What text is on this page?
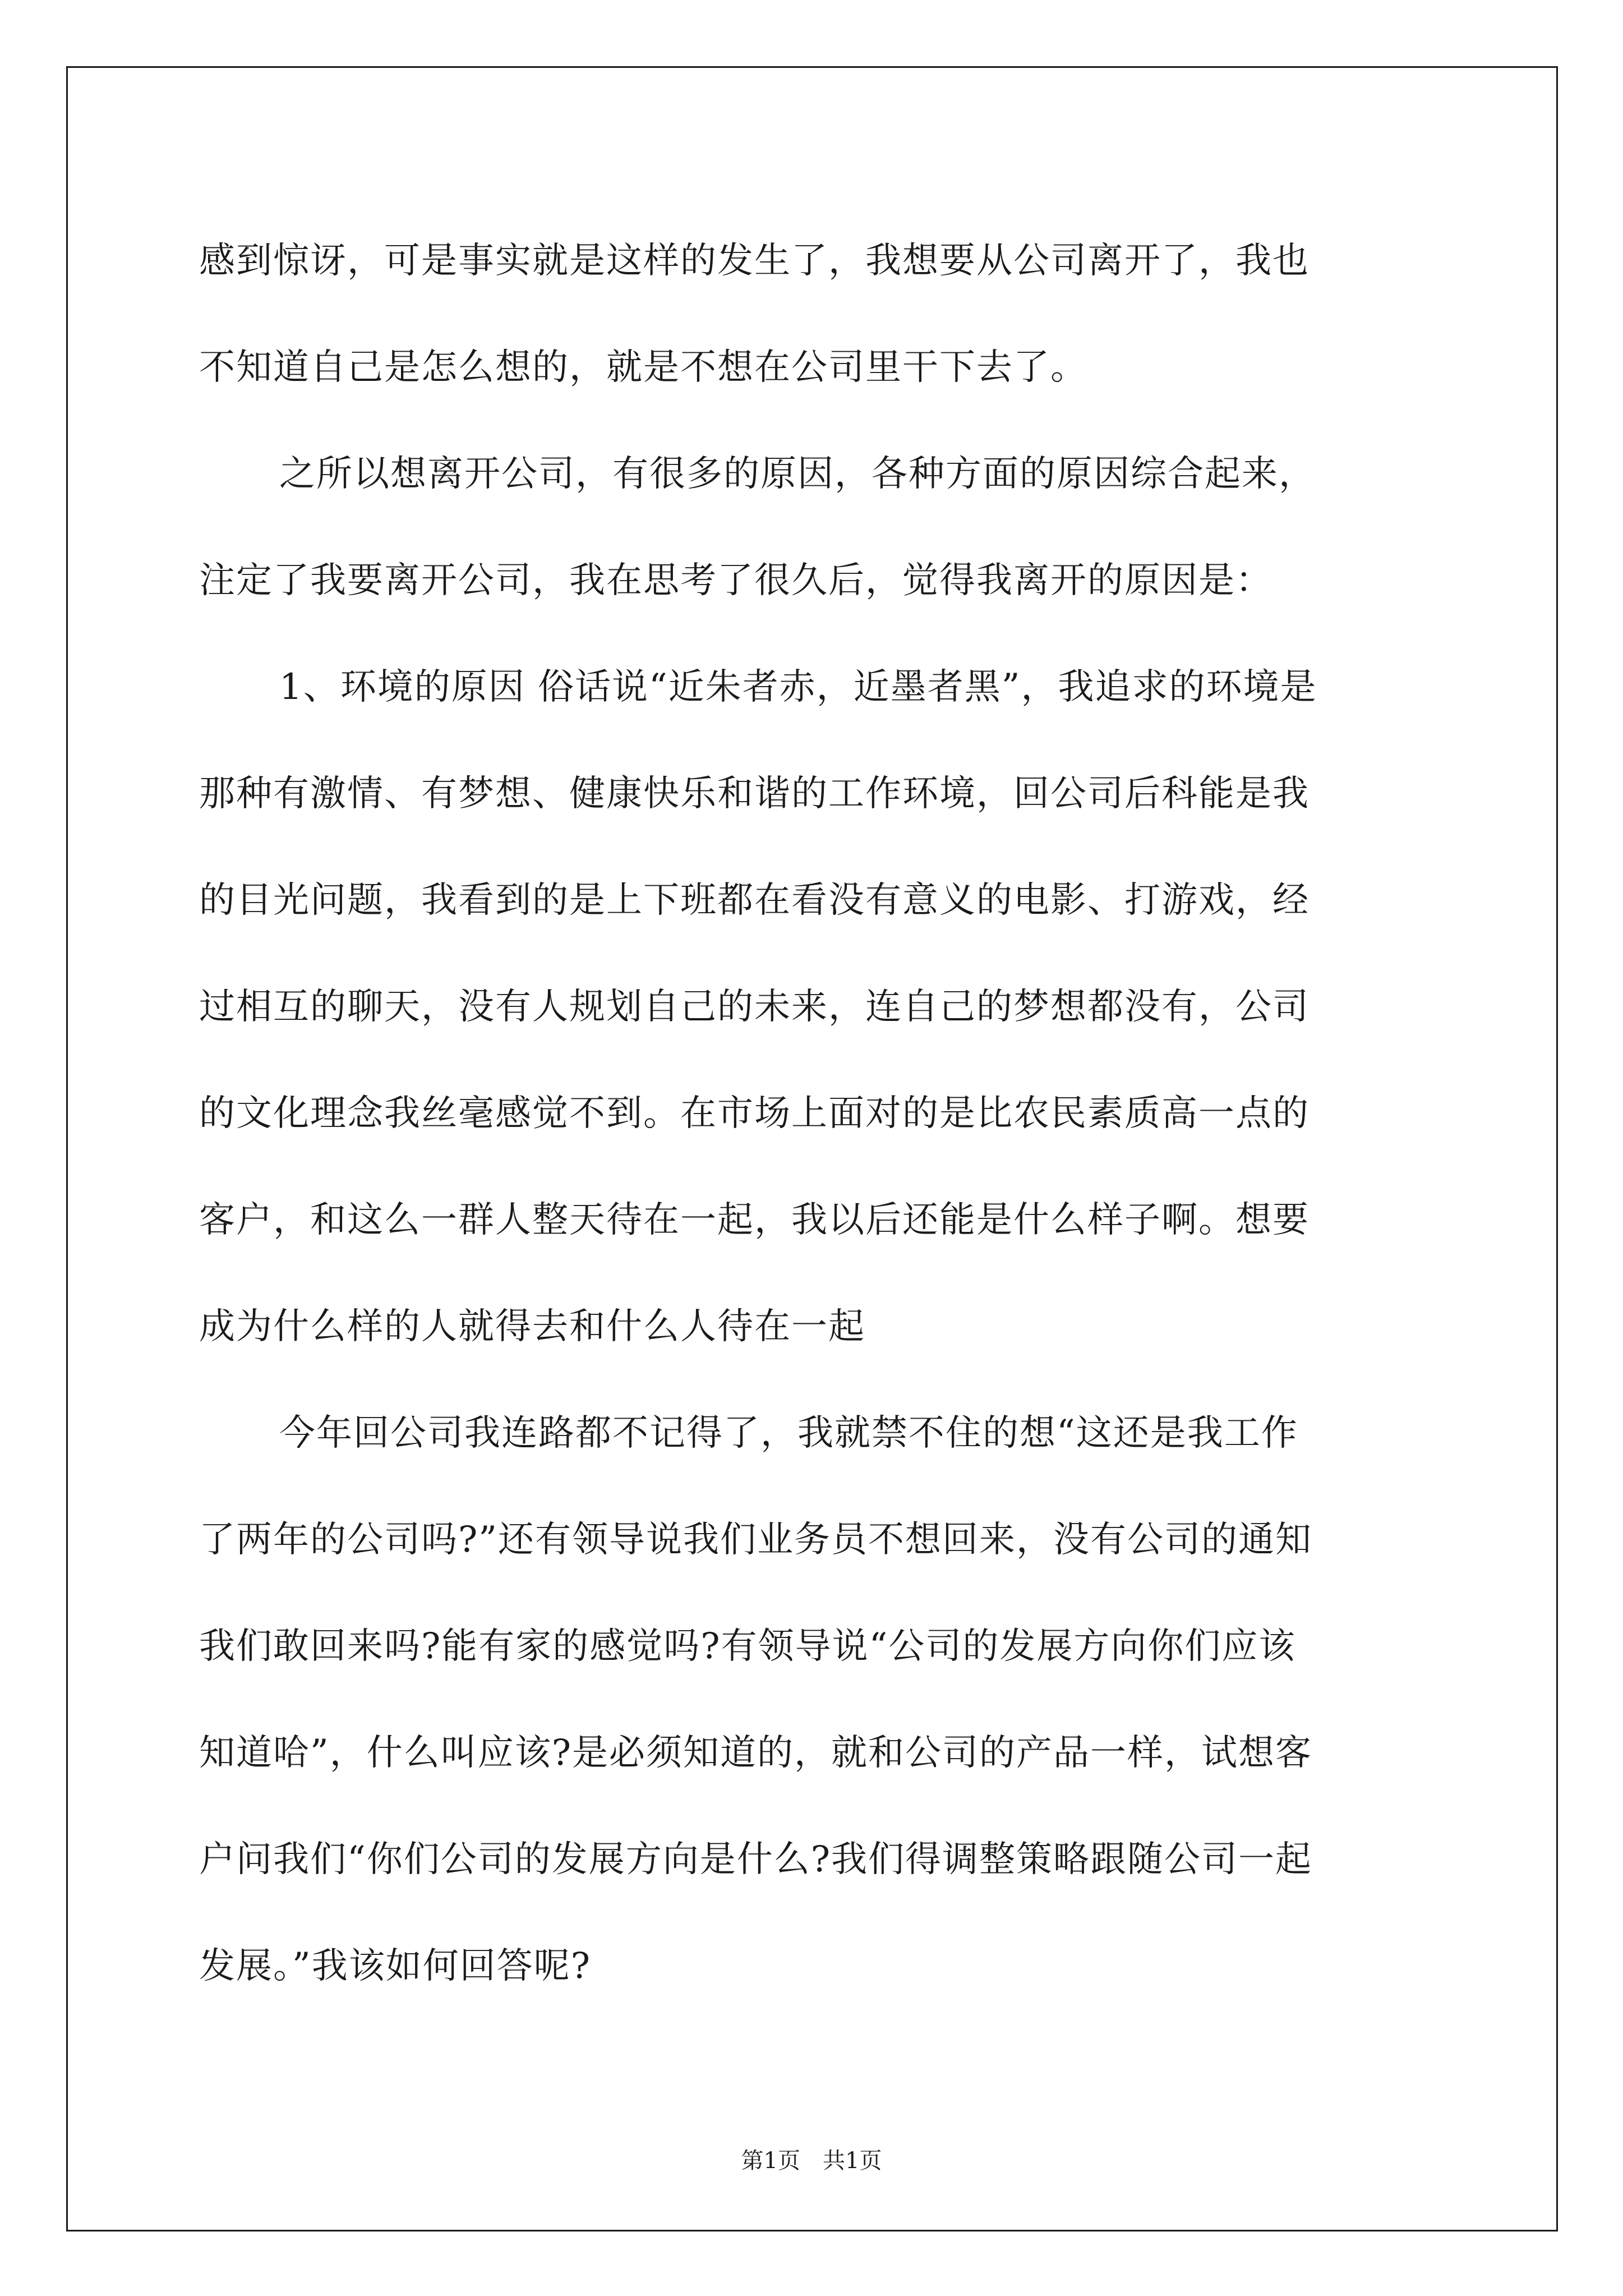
感到惊讶，可是事实就是这样的发生了，我想要从公司离开了，我也
不知道自己是怎么想的，就是不想在公司里干下去了。
之所以想离开公司，有很多的原因，各种方面的原因综合起来，
注定了我要离开公司，我在思考了很久后，觉得我离开的原因是：
1、环境的原因 俗话说“近朱者赤，近墨者黑”，我追求的环境是
那种有激情、有梦想、健康快乐和谐的工作环境，回公司后科能是我
的目光问题，我看到的是上下班都在看没有意义的电影、打游戏，经
过相互的聊天，没有人规划自己的未来，连自己的梦想都没有，公司
的文化理念我丝毫感觉不到。在市场上面对的是比农民素质高一点的
客户，和这么一群人整天待在一起，我以后还能是什么样子啊。想要
成为什么样的人就得去和什么人待在一起
今年回公司我连路都不记得了，我就禁不住的想“这还是我工作
了两年的公司吗?”还有领导说我们业务员不想回来，没有公司的通知
我们敢回来吗?能有家的感觉吗?有领导说“公司的发展方向你们应该
知道哈”，什么叫应该?是必须知道的，就和公司的产品一样，试想客
户问我们“你们公司的发展方向是什么?我们得调整策略跟随公司一起
发展。”我该如何回答呢?
第1页　共1页
